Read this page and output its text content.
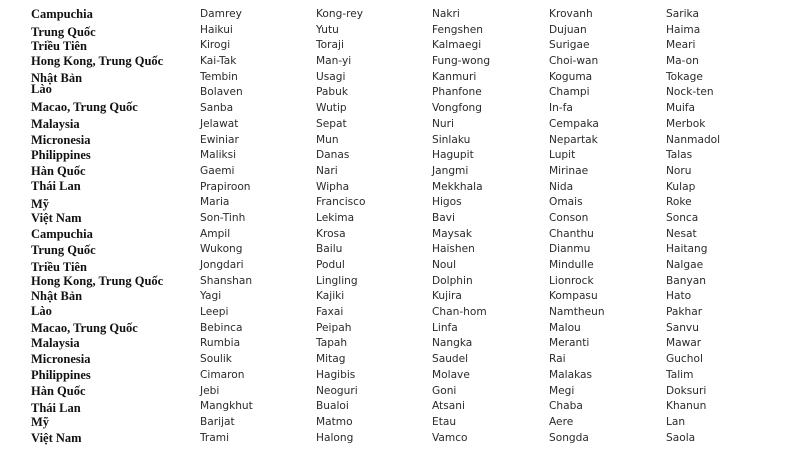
Campuchia	Damrey	Kong-rey	Nakri	Krovanh	Sarika
Trung Quốc	Haikui	Yutu	Fengshen	Dujuan	Haima
Triều Tiên	Kirogi	Toraji	Kalmaegi	Surigae	Meari
Hong Kong, Trung Quốc	Kai-Tak	Man-yi	Fung-wong	Choi-wan	Ma-on
Nhật Bản	Tembin	Usagi	Kanmuri	Koguma	Tokage
Lào	Bolaven	Pabuk	Phanfone	Champi	Nock-ten
Macao, Trung Quốc	Sanba	Wutip	Vongfong	In-fa	Muifa
Malaysia	Jelawat	Sepat	Nuri	Cempaka	Merbok
Micronesia	Ewiniar	Mun	Sinlaku	Nepartak	Nanmadol
Philippines	Maliksi	Danas	Hagupit	Lupit	Talas
Hàn Quốc	Gaemi	Nari	Jangmi	Mirinae	Noru
Thái Lan	Prapiroon	Wipha	Mekkhala	Nida	Kulap
Mỹ	Maria	Francisco	Higos	Omais	Roke
Việt Nam	Son-Tinh	Lekima	Bavi	Conson	Sonca
Campuchia	Ampil	Krosa	Maysak	Chanthu	Nesat
Trung Quốc	Wukong	Bailu	Haishen	Dianmu	Haitang
Triều Tiên	Jongdari	Podul	Noul	Mindulle	Nalgae
Hong Kong, Trung Quốc	Shanshan	Lingling	Dolphin	Lionrock	Banyan
Nhật Bản	Yagi	Kajiki	Kujira	Kompasu	Hato
Lào	Leepi	Faxai	Chan-hom	Namtheun	Pakhar
Macao, Trung Quốc	Bebinca	Peipah	Linfa	Malou	Sanvu
Malaysia	Rumbia	Tapah	Nangka	Meranti	Mawar
Micronesia	Soulik	Mitag	Saudel	Rai	Guchol
Philippines	Cimaron	Hagibis	Molave	Malakas	Talim
Hàn Quốc	Jebi	Neoguri	Goni	Megi	Doksuri
Thái Lan	Mangkhut	Bualoi	Atsani	Chaba	Khanun
Mỹ	Barijat	Matmo	Etau	Aere	Lan
Việt Nam	Trami	Halong	Vamco	Songda	Saola
